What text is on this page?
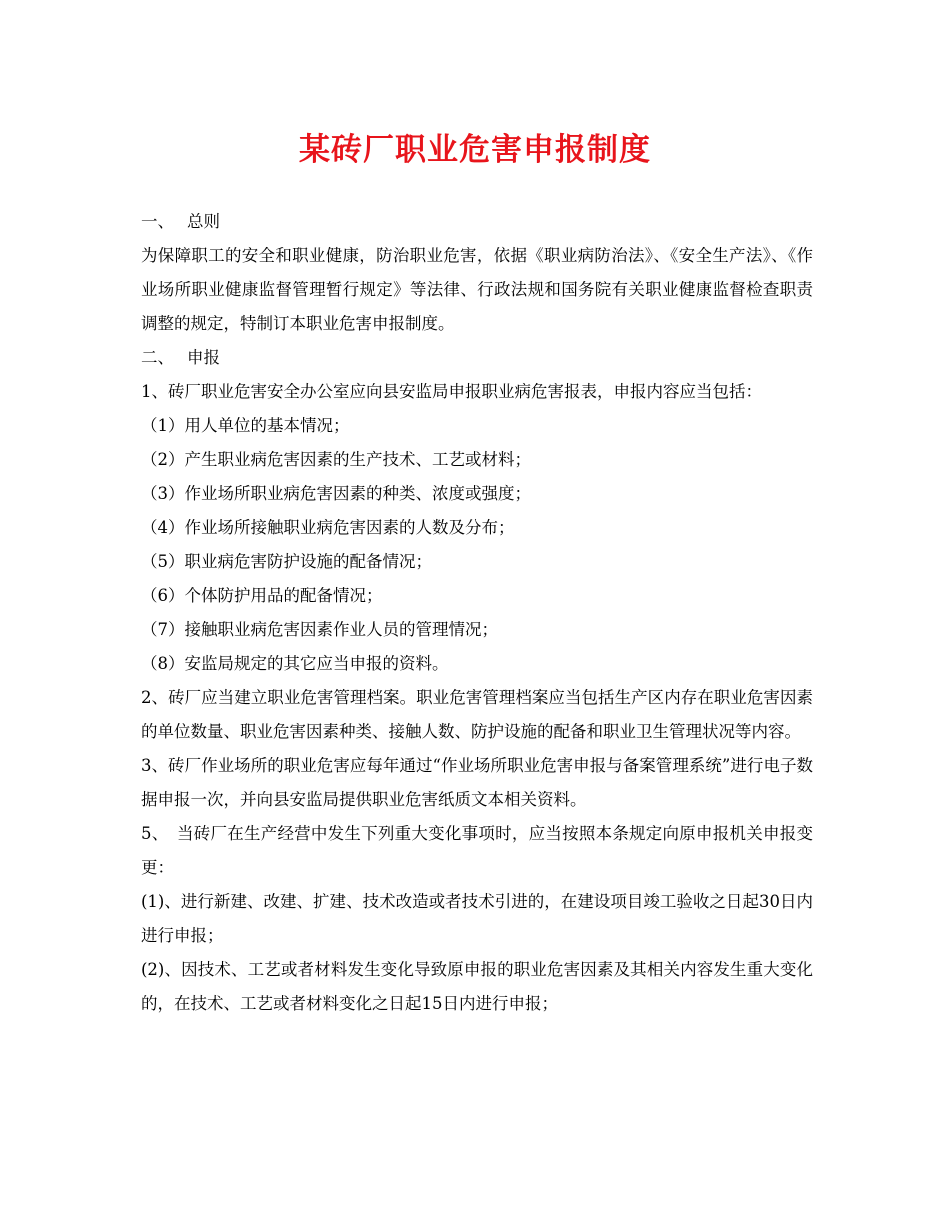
某砖厂职业危害申报制度

一、 总则

为保障职工的安全和职业健康，防治职业危害，依据《职业病防治法》、《安全生产法》、《作业场所职业健康监督管理暂行规定》等法律、行政法规和国务院有关职业健康监督检查职责调整的规定，特制订本职业危害申报制度。

二、 申报

1、砖厂职业危害安全办公室应向县安监局申报职业病危害报表，申报内容应当包括：

（1）用人单位的基本情况；

（2）产生职业病危害因素的生产技术、工艺或材料；

（3）作业场所职业病危害因素的种类、浓度或强度；

（4）作业场所接触职业病危害因素的人数及分布；

（5）职业病危害防护设施的配备情况；

（6）个体防护用品的配备情况；

（7）接触职业病危害因素作业人员的管理情况；

（8）安监局规定的其它应当申报的资料。

2、砖厂应当建立职业危害管理档案。职业危害管理档案应当包括生产区内存在职业危害因素的单位数量、职业危害因素种类、接触人数、防护设施的配备和职业卫生管理状况等内容。

3、砖厂作业场所的职业危害应每年通过“作业场所职业危害申报与备案管理系统”进行电子数据申报一次，并向县安监局提供职业危害纸质文本相关资料。

5、　当砖厂在生产经营中发生下列重大变化事项时，应当按照本条规定向原申报机关申报变更：

(1)、进行新建、改建、扩建、技术改造或者技术引进的，在建设项目竣工验收之日起30日内进行申报；

(2)、因技术、工艺或者材料发生变化导致原申报的职业危害因素及其相关内容发生重大变化的，在技术、工艺或者材料变化之日起15日内进行申报；
